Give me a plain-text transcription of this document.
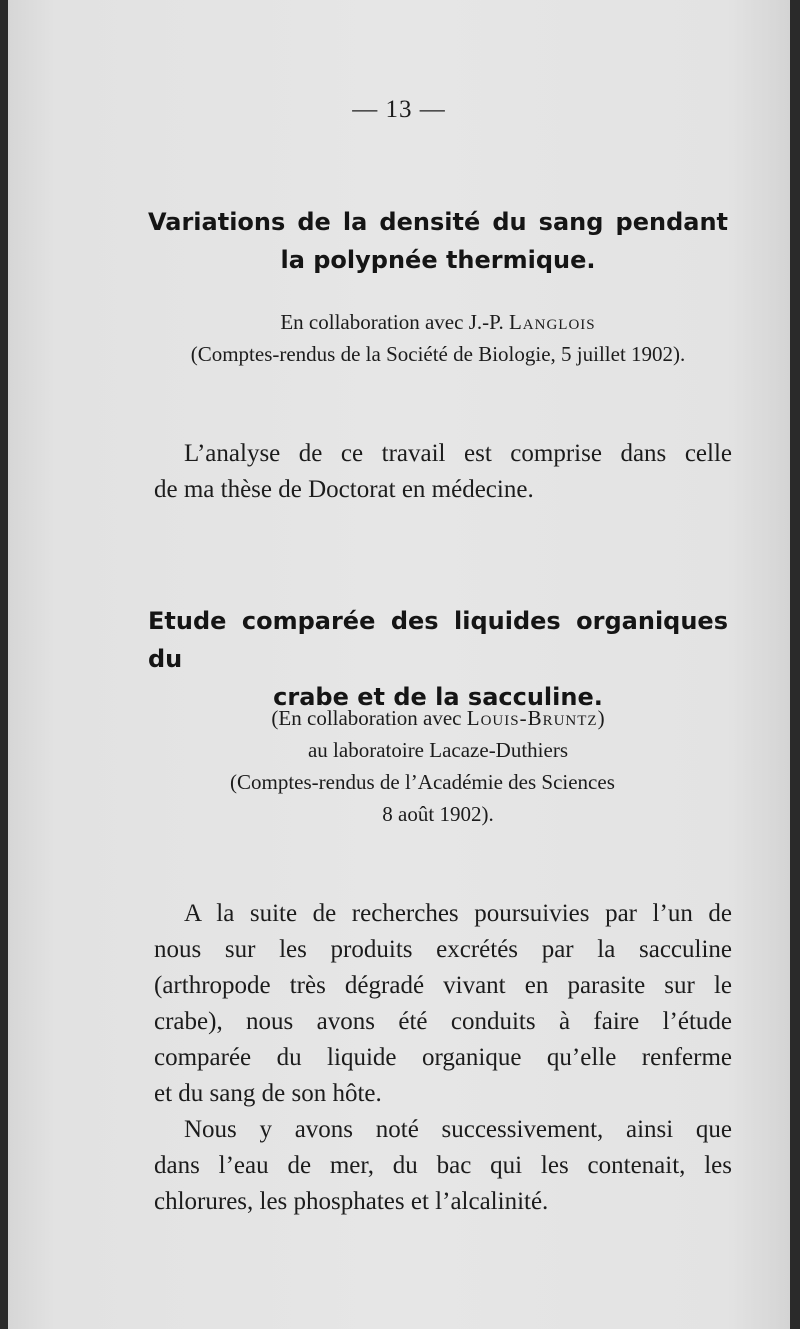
— 13 —
Variations de la densité du sang pendant
la polypnée thermique.
En collaboration avec J.-P. Langlois
(Comptes-rendus de la Société de Biologie, 5 juillet 1902).
L’analyse de ce travail est comprise dans celle
de ma thèse de Doctorat en médecine.
Etude comparée des liquides organiques du
crabe et de la sacculine.
(En collaboration avec Louis-Bruntz)
au laboratoire Lacaze-Duthiers
(Comptes-rendus de l’Académie des Sciences
8 août 1902).
A la suite de recherches poursuivies par l’un de
nous sur les produits excrétés par la sacculine
(arthropode très dégradé vivant en parasite sur le
crabe), nous avons été conduits à faire l’étude
comparée du liquide organique qu’elle renferme
et du sang de son hôte.
Nous y avons noté successivement, ainsi que
dans l’eau de mer, du bac qui les contenait, les
chlorures, les phosphates et l’alcalinité.
